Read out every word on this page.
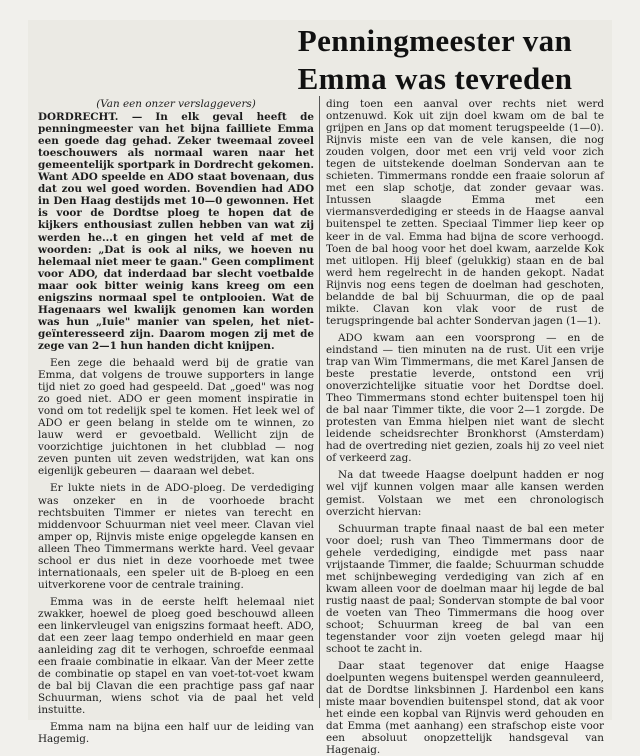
Penningmeester van
Emma was tevreden
(Van een onzer verslaggevers)

DORDRECHT. — In elk geval heeft de penningmeester van het bijna failliete Emma een goede dag gehad. Zeker tweemaal zoveel toeschouwers als normaal waren naar het gemeentelijk sportpark in Dordrecht gekomen. Want ADO speelde en ADO staat bovenaan, dus dat zou wel goed worden. Bovendien had ADO in Den Haag destijds met 10—0 gewonnen. Het is voor de Dordtse ploeg te hopen dat de kijkers enthousiast zullen hebben van wat zij werden he...t en gingen het veld af met de woorden: „Dat is ook al niks, we hoeven nu helemaal niet meer te gaan." Geen compliment voor ADO, dat inderdaad bar slecht voetbalde maar ook bitter weinig kans kreeg om een enigszins normaal spel te ontplooien. Wat de Hagenaars wel kwalijk genomen kan worden was hun „Iuie" manier van spelen, het niet-geïnteresseerd zijn. Daarom mogen zij met de zege van 2—1 hun handen dicht knijpen.

Een zege die behaald werd bij de gratie van Emma, dat volgens de trouwe supporters in lange tijd niet zo goed had gespeeld. Dat „goed" was nog zo goed niet. ADO er geen moment inspiratie in vond om tot redelijk spel te komen. Het leek wel of ADO er geen belang in stelde om te winnen, zo lauw werd er gevoetbald. Wellicht zijn de voorzichtige juichtonen in het clubblad — nog zeven punten uit zeven wedstrijden, wat kan ons eigenlijk gebeuren — daaraan wel debet.

Er lukte niets in de ADO-ploeg. De verdediging was onzeker en in de voorhoede bracht rechtsbuiten Timmer er nietes van terecht en middenvoor Schuurman niet veel meer. Clavan viel amper op, Rijnvis miste enige opgelegde kansen en alleen Theo Timmermans werkte hard. Veel gevaar school er dus niet in deze voorhoede met twee internationaals, een speler uit de B-ploeg en een uitverkorene voor de centrale training.

Emma was in de eerste helft helemaal niet zwakker, hoewel de ploeg goed beschouwd alleen een linkervleugel van enigszins formaat heeft. ADO, dat een zeer laag tempo onderhield en maar geen aanleiding zag dit te verhogen, schroefde eenmaal een fraaie combinatie in elkaar. Van der Meer zette de combinatie op stapel en van voet-tot-voet kwam de bal bij Clavan die een prachtige pass gaf naar Schuurman, wiens schot via de paal het veld instuitte.

Emma nam na bijna een half uur de leiding van Hagemig.

ding toen een aanval over rechts niet werd ontzenuwd. Kok uit zijn doel kwam om de bal te grijpen en Jans op dat moment terugspeelde (1—0). Rijnvis miste een van de vele kansen, die nog zouden volgen, door met een vrij veld voor zich tegen de uitstekende doelman Sondervan aan te schieten. Timmermans rondde een fraaie solorun af met een slap schotje, dat zonder gevaar was. Intussen slaagde Emma met een viermansverdediging er steeds in de Haagse aanval buitenspel te zetten. Speciaal Timmer liep keer op keer in de val. Emma had bijna de score verhoogd. Toen de bal hoog voor het doel kwam, aarzelde Kok met uitlopen. Hij bleef (gelukkig) staan en de bal werd hem regelrecht in de handen gekopt. Nadat Rijnvis nog eens tegen de doelman had geschoten, belandde de bal bij Schuurman, die op de paal mikte. Clavan kon vlak voor de rust de terugspringende bal achter Sondervan jagen (1—1).

ADO kwam aan een voorsprong — en de eindstand — tien minuten na de rust. Uit een vrije trap van Wim Timmermans, die met Karel Jansen de beste prestatie leverde, ontstond een vrij onoverzichtelijke situatie voor het Dordtse doel. Theo Timmermans stond echter buitenspel toen hij de bal naar Timmer tikte, die voor 2—1 zorgde. De protesten van Emma hielpen niet want de slecht leidende scheidsrechter Bronkhorst (Amsterdam) had de overtreding niet gezien, zoals hij zo veel niet of verkeerd zag.

Na dat tweede Haagse doelpunt hadden er nog wel vijf kunnen volgen maar alle kansen werden gemist. Volstaan we met een chronologisch overzicht hiervan:

Schuurman trapte finaal naast de bal een meter voor doel; rush van Theo Timmermans door de gehele verdediging, eindigde met pass naar vrijstaande Timmer, die faalde; Schuurman schudde met schijnbeweging verdediging van zich af en kwam alleen voor de doelman maar hij legde de bal rustig naast de paal; Sondervan stompte de bal voor de voeten van Theo Timmermans die hoog over schoot; Schuurman kreeg de bal van een tegenstander voor zijn voeten gelegd maar hij schoot te zacht in.

Daar staat tegenover dat enige Haagse doelpunten wegens buitenspel werden geannuleerd, dat de Dordtse linksbinnen J. Hardenbol een kans miste maar bovendien buitenspel stond, dat ak voor het einde een kopbal van Rijnvis werd gehouden en dat Emma (met aanhang) een strafschop eiste voor een absoluut onopzettelijk handsgeval van Hagenaig.
